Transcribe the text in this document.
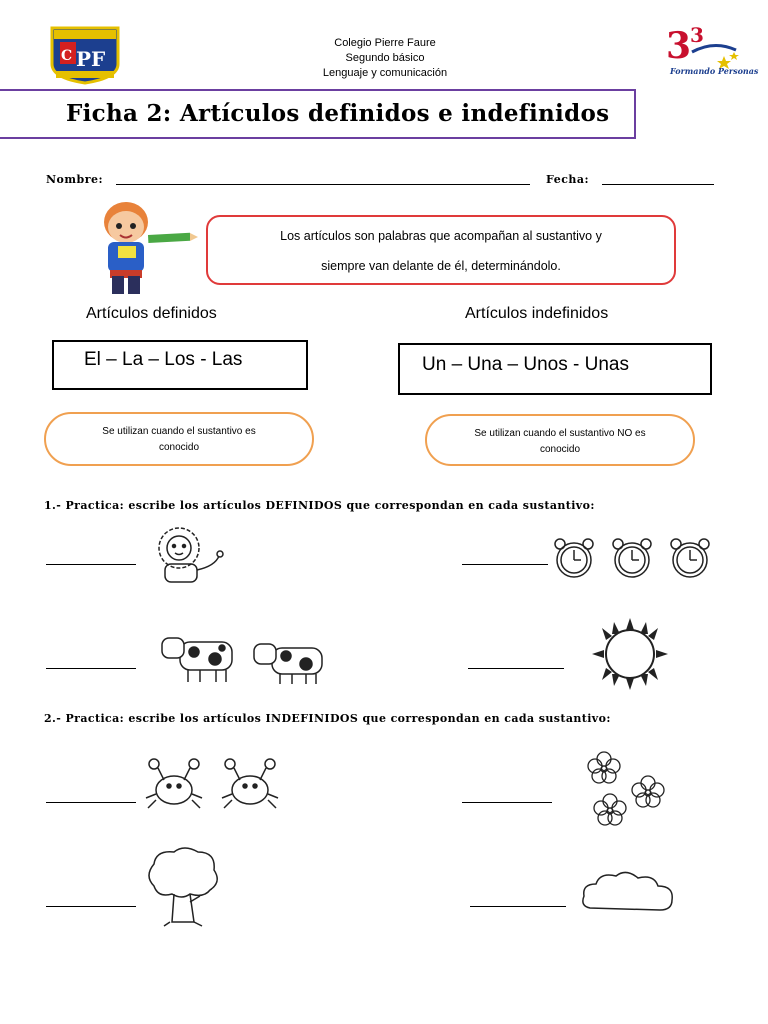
C PF
Colegio Pierre Faure
Segundo básico
Lenguaje y comunicación
3
3
Formando Personas
Ficha 2: Artículos definidos e indefinidos
Nombre:	Fecha:
Los artículos son palabras que acompañan al sustantivo y
siempre van delante de él, determinándolo.
Artículos definidos	Artículos indefinidos
El – La – Los - Las	Un – Una – Unos - Unas
Se utilizan cuando el sustantivo es
conocido
Se utilizan cuando el sustantivo NO es
conocido
1.- Practica: escribe los artículos DEFINIDOS que correspondan en cada sustantivo:
2.- Practica: escribe los artículos INDEFINIDOS que correspondan en cada sustantivo:
